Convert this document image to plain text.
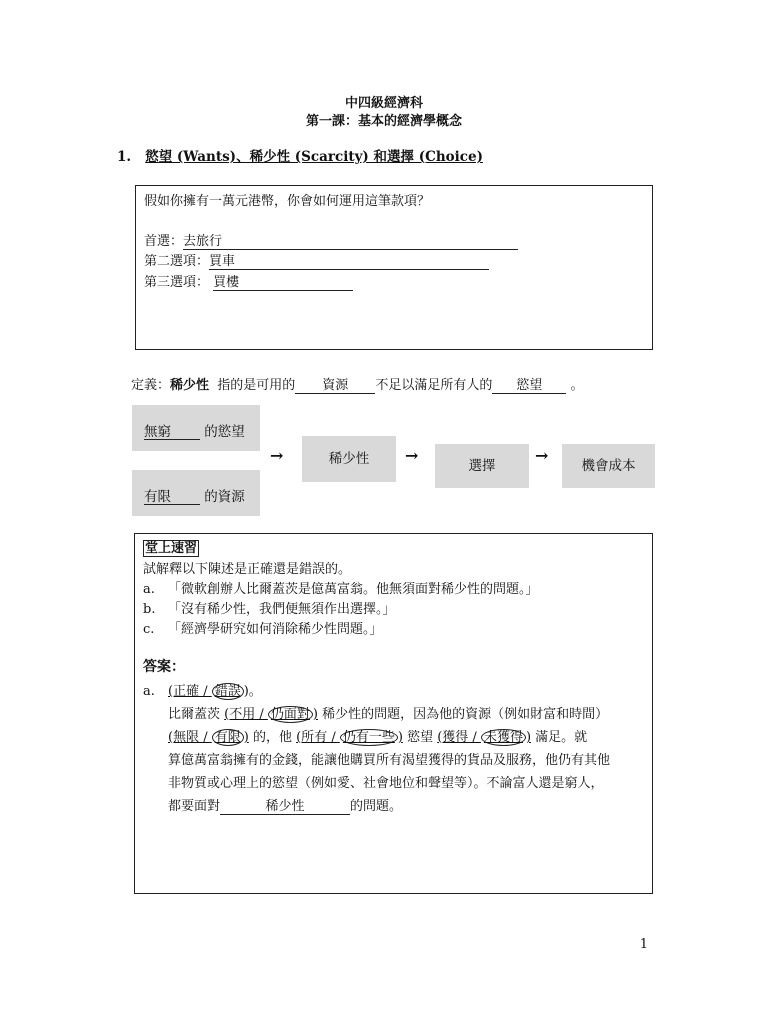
中四級經濟科
第一課：基本的經濟學概念
1. 慾望 (Wants)、稀少性 (Scarcity) 和選擇 (Choice)
假如你擁有一萬元港幣，你會如何運用這筆款項？
首選：去旅行
第二選項：買車
第三選項： 買樓
定義：稀少性 指的是可用的 資源 不足以滿足所有人的 慾望 。
無窮 的慾望
有限 的資源
→	稀少性	→
選擇
→
機會成本
堂上速習
試解釋以下陳述是正確還是錯誤的。
a. 「微軟創辦人比爾蓋茨是億萬富翁。他無須面對稀少性的問題。」
b. 「沒有稀少性，我們便無須作出選擇。」
c. 「經濟學研究如何消除稀少性問題。」
答案：
a. (正確 / 錯誤 )。
比爾蓋茨 (不用 / 仍面對 ) 稀少性的問題，因為他的資源（例如財富和時間）
(無限 / 有限 ) 的，他 (所有 / 仍有一些 ) 慾望 (獲得 / 未獲得 ) 滿足。就
算億萬富翁擁有的金錢，能讓他購買所有渴望獲得的貨品及服務，他仍有其他
非物質或心理上的慾望（例如愛、社會地位和聲望等）。不論富人還是窮人，
都要面對	稀少性	的問題。
1
